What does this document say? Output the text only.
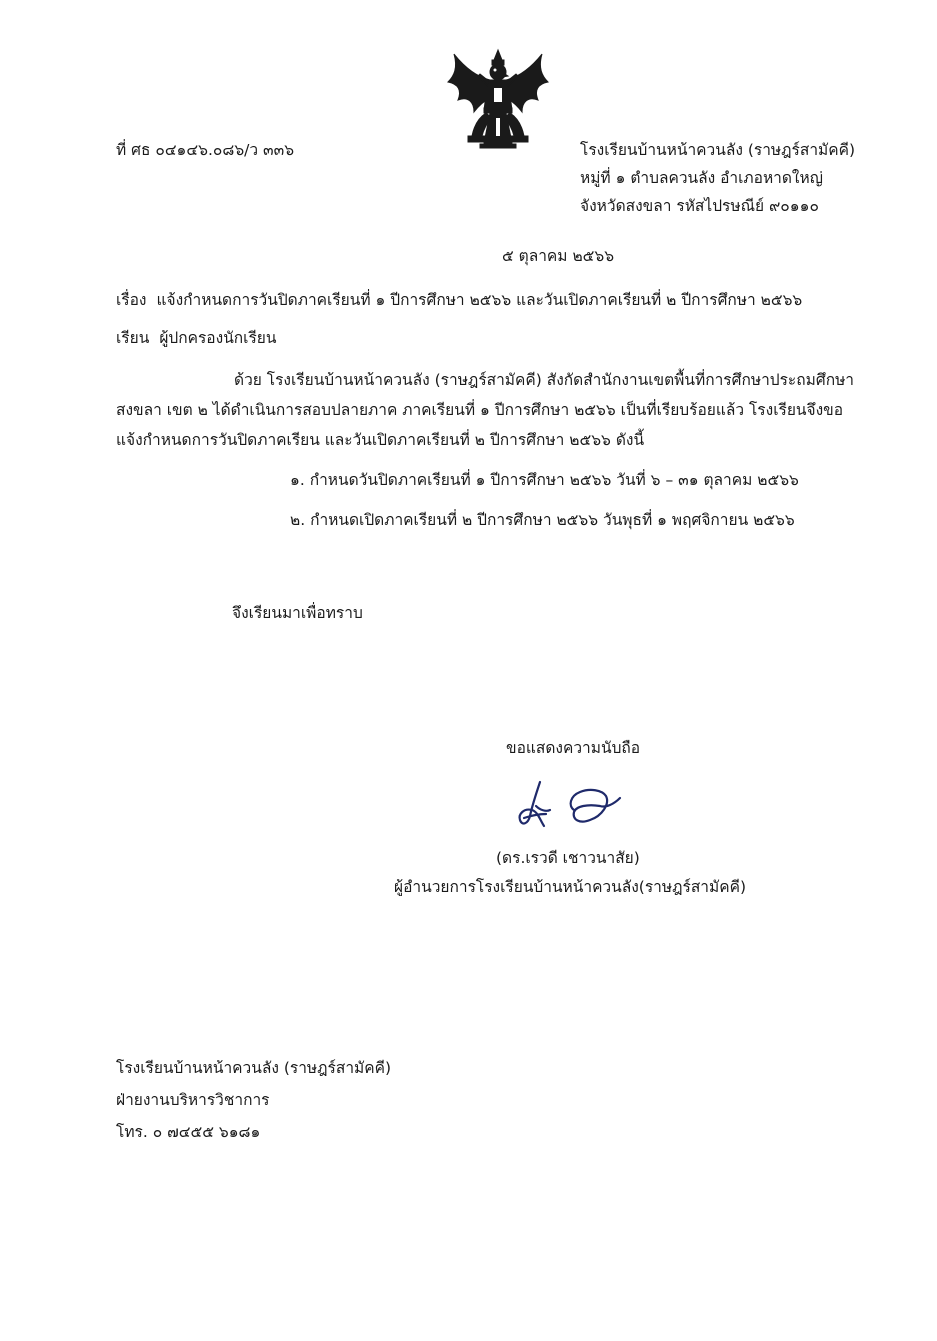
ที่ ศธ ๐๔๑๔๖.๐๘๖/ว ๓๓๖	โรงเรียนบ้านหน้าควนลัง (ราษฎร์สามัคคี)

หมู่ที่ ๑ ตำบลควนลัง อำเภอหาดใหญ่

จังหวัดสงขลา รหัสไปรษณีย์ ๙๐๑๑๐

๕ ตุลาคม ๒๕๖๖

เรื่อง แจ้งกำหนดการวันปิดภาคเรียนที่ ๑ ปีการศึกษา ๒๕๖๖ และวันเปิดภาคเรียนที่ ๒ ปีการศึกษา ๒๕๖๖

เรียน ผู้ปกครองนักเรียน

ด้วย โรงเรียนบ้านหน้าควนลัง (ราษฎร์สามัคคี) สังกัดสำนักงานเขตพื้นที่การศึกษาประถมศึกษา

สงขลา เขต ๒ ได้ดำเนินการสอบปลายภาค ภาคเรียนที่ ๑ ปีการศึกษา ๒๕๖๖ เป็นที่เรียบร้อยแล้ว โรงเรียนจึงขอ

แจ้งกำหนดการวันปิดภาคเรียน และวันเปิดภาคเรียนที่ ๒ ปีการศึกษา ๒๕๖๖ ดังนี้

๑. กำหนดวันปิดภาคเรียนที่ ๑ ปีการศึกษา ๒๕๖๖ วันที่ ๖ – ๓๑ ตุลาคม ๒๕๖๖

๒. กำหนดเปิดภาคเรียนที่ ๒ ปีการศึกษา ๒๕๖๖ วันพุธที่ ๑ พฤศจิกายน ๒๕๖๖

จึงเรียนมาเพื่อทราบ

ขอแสดงความนับถือ

(ดร.เรวดี เชาวนาสัย)

ผู้อำนวยการโรงเรียนบ้านหน้าควนลัง(ราษฎร์สามัคคี)

โรงเรียนบ้านหน้าควนลัง (ราษฎร์สามัคคี)

ฝ่ายงานบริหารวิชาการ

โทร. ๐ ๗๔๕๕ ๖๑๘๑
